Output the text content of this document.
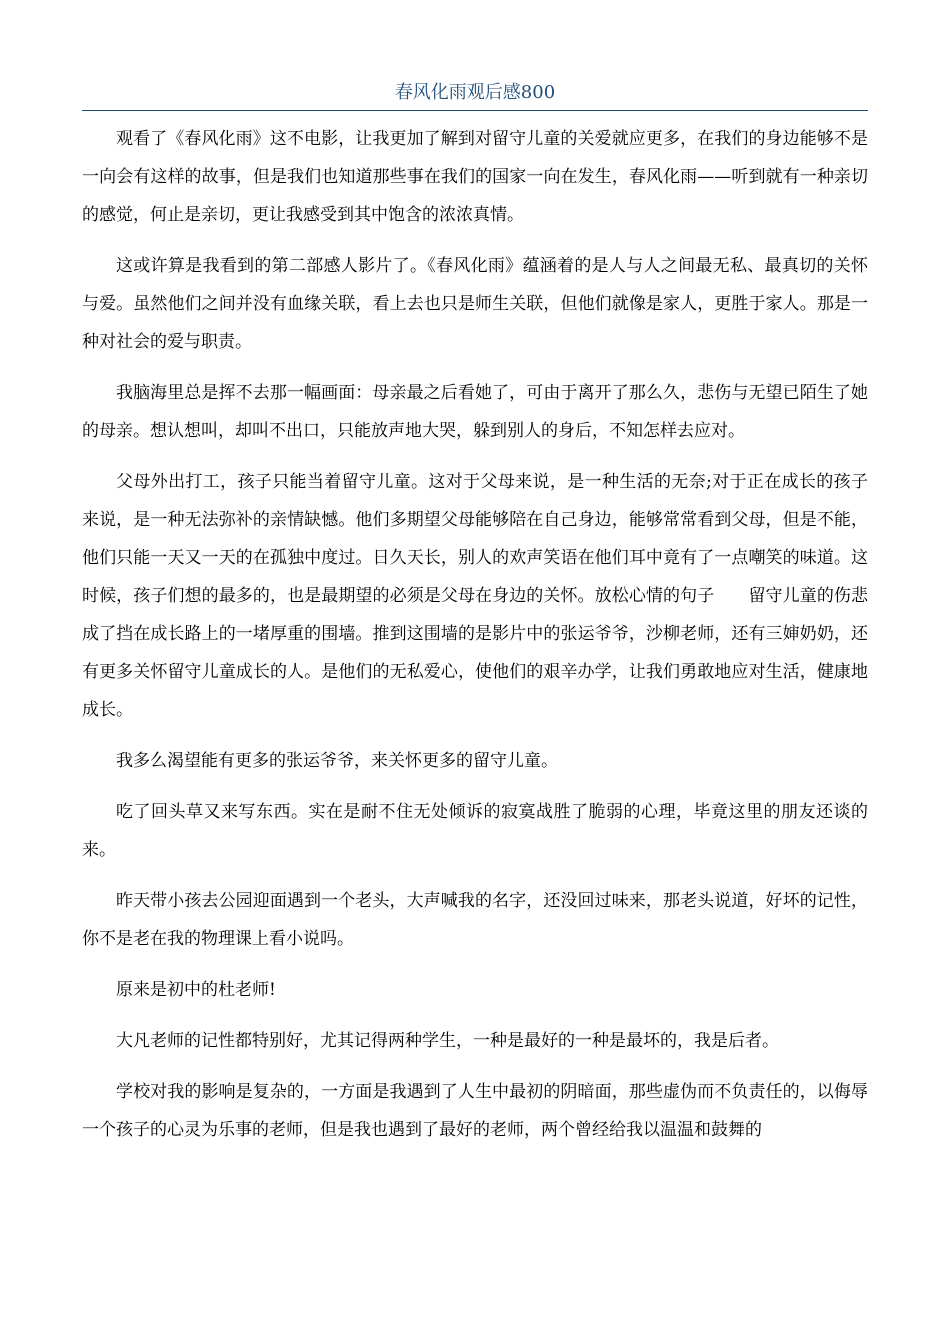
春风化雨观后感800

观看了《春风化雨》这不电影，让我更加了解到对留守儿童的关爱就应更多，在我们的身边能够不是一向会有这样的故事，但是我们也知道那些事在我们的国家一向在发生，春风化雨——听到就有一种亲切的感觉，何止是亲切，更让我感受到其中饱含的浓浓真情。

这或许算是我看到的第二部感人影片了。《春风化雨》蕴涵着的是人与人之间最无私、最真切的关怀与爱。虽然他们之间并没有血缘关联，看上去也只是师生关联，但他们就像是家人，更胜于家人。那是一种对社会的爱与职责。

我脑海里总是挥不去那一幅画面：母亲最之后看她了，可由于离开了那么久，悲伤与无望已陌生了她的母亲。想认想叫，却叫不出口，只能放声地大哭，躲到别人的身后，不知怎样去应对。

父母外出打工，孩子只能当着留守儿童。这对于父母来说，是一种生活的无奈;对于正在成长的孩子来说，是一种无法弥补的亲情缺憾。他们多期望父母能够陪在自己身边，能够常常看到父母，但是不能，他们只能一天又一天的在孤独中度过。日久天长，别人的欢声笑语在他们耳中竟有了一点嘲笑的味道。这时候，孩子们想的最多的，也是最期望的必须是父母在身边的关怀。放松心情的句子　　留守儿童的伤悲成了挡在成长路上的一堵厚重的围墙。推到这围墙的是影片中的张运爷爷，沙柳老师，还有三婶奶奶，还有更多关怀留守儿童成长的人。是他们的无私爱心，使他们的艰辛办学，让我们勇敢地应对生活，健康地成长。

我多么渴望能有更多的张运爷爷，来关怀更多的留守儿童。

吃了回头草又来写东西。实在是耐不住无处倾诉的寂寞战胜了脆弱的心理，毕竟这里的朋友还谈的来。

昨天带小孩去公园迎面遇到一个老头，大声喊我的名字，还没回过味来，那老头说道，好坏的记性，你不是老在我的物理课上看小说吗。

原来是初中的杜老师!

大凡老师的记性都特别好，尤其记得两种学生，一种是最好的一种是最坏的，我是后者。

学校对我的影响是复杂的，一方面是我遇到了人生中最初的阴暗面，那些虚伪而不负责任的，以侮辱一个孩子的心灵为乐事的老师，但是我也遇到了最好的老师，两个曾经给我以温温和鼓舞的
